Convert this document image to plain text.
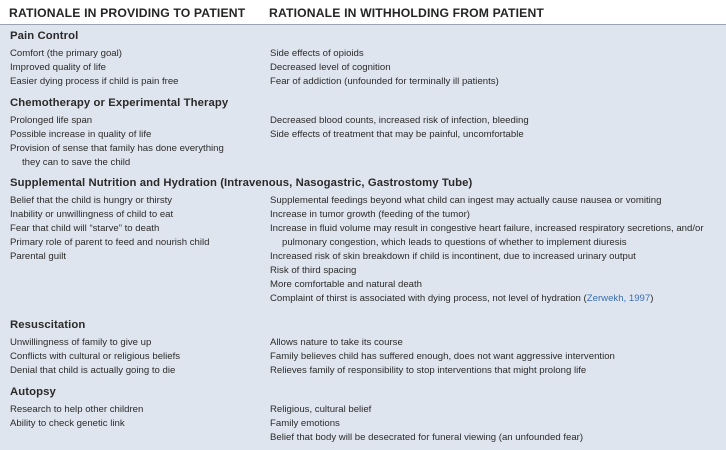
RATIONALE IN PROVIDING TO PATIENT RATIONALE IN WITHHOLDING FROM PATIENT
Pain Control
Comfort (the primary goal)
Improved quality of life
Easier dying process if child is pain free
Side effects of opioids
Decreased level of cognition
Fear of addiction (unfounded for terminally ill patients)
Chemotherapy or Experimental Therapy
Prolonged life span
Possible increase in quality of life
Provision of sense that family has done everything
they can to save the child
Decreased blood counts, increased risk of infection, bleeding
Side effects of treatment that may be painful, uncomfortable
Supplemental Nutrition and Hydration (Intravenous, Nasogastric, Gastrostomy Tube)
Belief that the child is hungry or thirsty
Inability or unwillingness of child to eat
Fear that child will “starve” to death
Primary role of parent to feed and nourish child
Parental guilt
Supplemental feedings beyond what child can ingest may actually cause nausea or vomiting
Increase in tumor growth (feeding of the tumor)
Increase in fluid volume may result in congestive heart failure, increased respiratory secretions, and/or
pulmonary congestion, which leads to questions of whether to implement diuresis
Increased risk of skin breakdown if child is incontinent, due to increased urinary output
Risk of third spacing
More comfortable and natural death
Complaint of thirst is associated with dying process, not level of hydration (Zerwekh, 1997)
Resuscitation
Unwillingness of family to give up
Conflicts with cultural or religious beliefs
Denial that child is actually going to die
Allows nature to take its course
Family believes child has suffered enough, does not want aggressive intervention
Relieves family of responsibility to stop interventions that might prolong life
Autopsy
Research to help other children
Ability to check genetic link
Religious, cultural belief
Family emotions
Belief that body will be desecrated for funeral viewing (an unfounded fear)
